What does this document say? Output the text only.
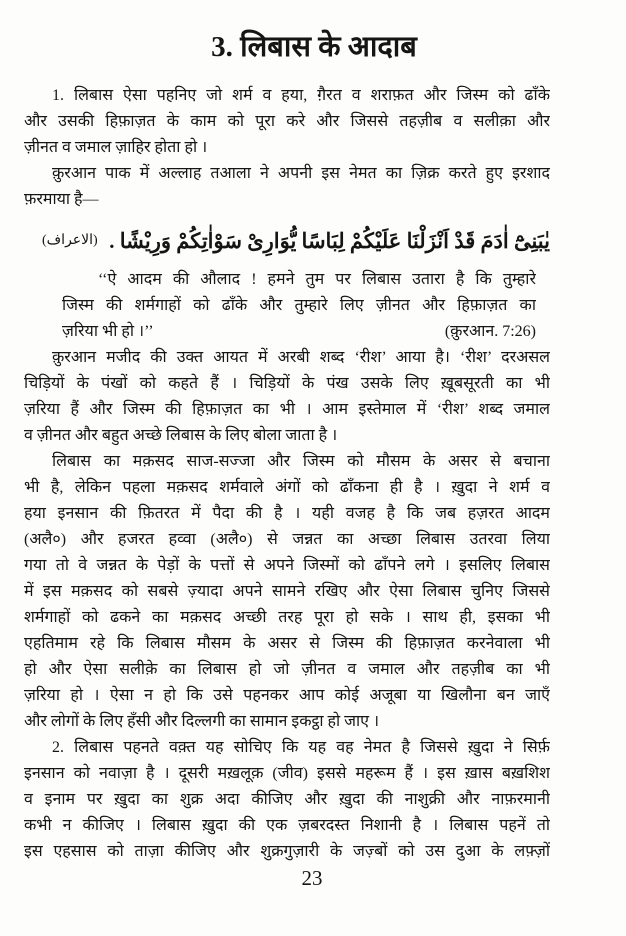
3. लिबास के आदाब
1. लिबास ऐसा पहनिए जो शर्म व हया, ग़ैरत व शराफ़त और जिस्म को ढाँके
और उसकी हिफ़ाज़त के काम को पूरा करे और जिससे तहज़ीब व सलीक़ा और
ज़ीनत व जमाल ज़ाहिर होता हो ।
क़ुरआन पाक में अल्लाह तआला ने अपनी इस नेमत का ज़िक्र करते हुए इरशाद
फ़रमाया है—
يٰبَنِىْٓ اٰدَمَ قَدْ اَنْزَلْنَا عَلَيْكُمْ لِبَاسًا يُّوَارِىْ سَوْاٰتِكُمْ وَرِيْشًا .
(الاعراف)
‘‘ऐ आदम की औलाद ! हमने तुम पर लिबास उतारा है कि तुम्हारे
जिस्म की शर्मगाहों को ढाँके और तुम्हारे लिए ज़ीनत और हिफ़ाज़त का
ज़रिया भी हो ।’’	(क़ुरआन. 7:26)
क़ुरआन मजीद की उक्त आयत में अरबी शब्द ‘रीश’ आया है। ‘रीश’ दरअसल
चिड़ियों के पंखों को कहते हैं । चिड़ियों के पंख उसके लिए ख़ूबसूरती का भी
ज़रिया हैं और जिस्म की हिफ़ाज़त का भी । आम इस्तेमाल में ‘रीश’ शब्द जमाल
व ज़ीनत और बहुत अच्छे लिबास के लिए बोला जाता है ।
लिबास का मक़सद साज-सज्जा और जिस्म को मौसम के असर से बचाना
भी है, लेकिन पहला मक़सद शर्मवाले अंगों को ढाँकना ही है । ख़ुदा ने शर्म व
हया इनसान की फ़ितरत में पैदा की है । यही वजह है कि जब हज़रत आदम
(अलै०) और हजरत हव्वा (अलै०) से जन्नत का अच्छा लिबास उतरवा लिया
गया तो वे जन्नत के पेड़ों के पत्तों से अपने जिस्मों को ढाँपने लगे । इसलिए लिबास
में इस मक़सद को सबसे ज़्यादा अपने सामने रखिए और ऐसा लिबास चुनिए जिससे
शर्मगाहों को ढकने का मक़सद अच्छी तरह पूरा हो सके । साथ ही, इसका भी
एहतिमाम रहे कि लिबास मौसम के असर से जिस्म की हिफ़ाज़त करनेवाला भी
हो और ऐसा सलीक़े का लिबास हो जो ज़ीनत व जमाल और तहज़ीब का भी
ज़रिया हो । ऐसा न हो कि उसे पहनकर आप कोई अजूबा या खिलौना बन जाएँ
और लोगों के लिए हँसी और दिल्लगी का सामान इकट्ठा हो जाए ।
2. लिबास पहनते वक़्त यह सोचिए कि यह वह नेमत है जिससे ख़ुदा ने सिर्फ़
इनसान को नवाज़ा है । दूसरी मख़लूक़ (जीव) इससे महरूम हैं । इस ख़ास बख़शिश
व इनाम पर ख़ुदा का शुक्र अदा कीजिए और ख़ुदा की नाशुक्री और नाफ़रमानी
कभी न कीजिए । लिबास ख़ुदा की एक ज़बरदस्त निशानी है । लिबास पहनें तो
इस एहसास को ताज़ा कीजिए और शुक्रगुज़ारी के जज़्बों को उस दुआ के लफ़्ज़ों
23
